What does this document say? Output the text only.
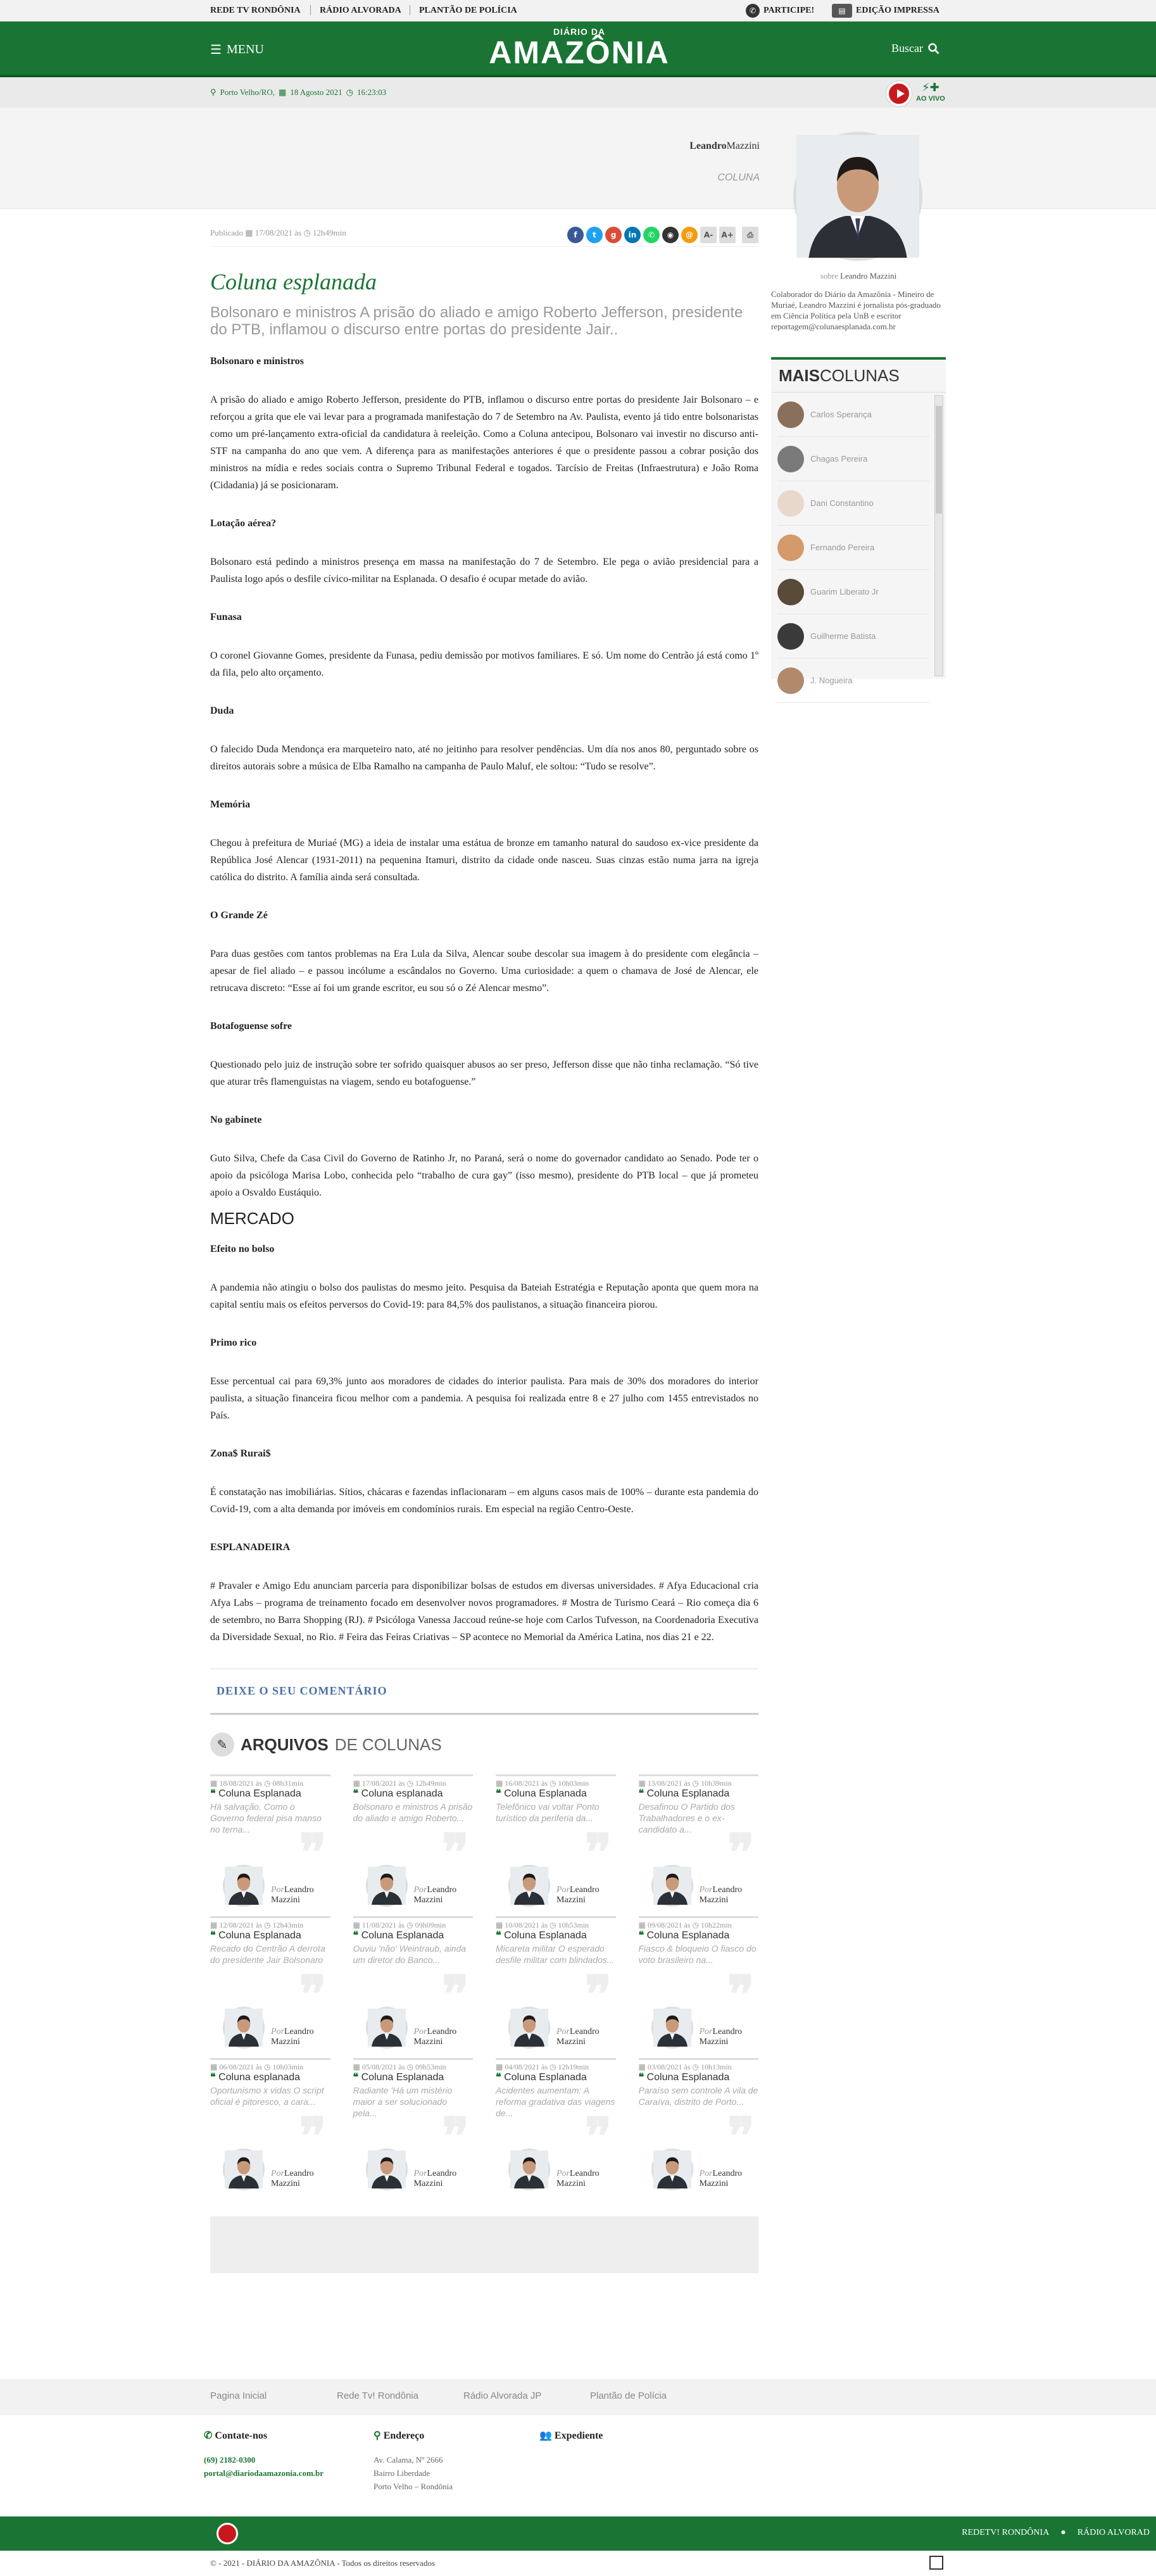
REDE TV RONDÔNIA RÁDIO ALVORADA PLANTÃO DE POLÍCIA	✆ PARTICIPE!	▤	EDIÇÃO IMPRESSA
☰ MENU
DIÁRIO DA
AMAZÔNIA	Buscar
⚲ Porto Velho/RO, ▦ 18 Agosto 2021 ◷ 16:23:03	⚡✚
AO VIVO
LeandroMazzini
COLUNA
Publicado ▦ 17/08/2021 às ◷ 12h49min	f	t	g	in	✆	◉	@	A-	A+	⎙
Coluna esplanada
Bolsonaro e ministros A prisão do aliado e amigo Roberto Jefferson, presidente do PTB, inflamou o discurso entre portas do presidente Jair..
Bolsonaro e ministros

A prisão do aliado e amigo Roberto Jefferson, presidente do PTB, inflamou o discurso entre portas do presidente Jair Bolsonaro – e reforçou a grita que ele vai levar para a programada manifestação do 7 de Setembro na Av. Paulista, evento já tido entre bolsonaristas como um pré-lançamento extra-oficial da candidatura à reeleição. Como a Coluna antecipou, Bolsonaro vai investir no discurso anti-STF na campanha do ano que vem. A diferença para as manifestações anteriores é que o presidente passou a cobrar posição dos ministros na mídia e redes sociais contra o Supremo Tribunal Federal e togados. Tarcísio de Freitas (Infraestrutura) e João Roma (Cidadania) já se posicionaram.

Lotação aérea?

Bolsonaro está pedindo a ministros presença em massa na manifestação do 7 de Setembro. Ele pega o avião presidencial para a Paulista logo após o desfile cívico-militar na Esplanada. O desafio é ocupar metade do avião.

Funasa

O coronel Giovanne Gomes, presidente da Funasa, pediu demissão por motivos familiares. E só. Um nome do Centrão já está como 1º da fila, pelo alto orçamento.

Duda

O falecido Duda Mendonça era marqueteiro nato, até no jeitinho para resolver pendências. Um dia nos anos 80, perguntado sobre os direitos autorais sobre a música de Elba Ramalho na campanha de Paulo Maluf, ele soltou: “Tudo se resolve”.

Memória

Chegou à prefeitura de Muriaé (MG) a ideia de instalar uma estátua de bronze em tamanho natural do saudoso ex-vice presidente da República José Alencar (1931-2011) na pequenina Itamuri, distrito da cidade onde nasceu. Suas cinzas estão numa jarra na igreja católica do distrito. A família ainda será consultada.

O Grande Zé

Para duas gestões com tantos problemas na Era Lula da Silva, Alencar soube descolar sua imagem à do presidente com elegância – apesar de fiel aliado – e passou incólume a escândalos no Governo. Uma curiosidade: a quem o chamava de José de Alencar, ele retrucava discreto: “Esse aí foi um grande escritor, eu sou só o Zé Alencar mesmo”.

Botafoguense sofre

Questionado pelo juiz de instrução sobre ter sofrido quaisquer abusos ao ser preso, Jefferson disse que não tinha reclamação. “Só tive que aturar três flamenguistas na viagem, sendo eu botafoguense.”

No gabinete

Guto Silva, Chefe da Casa Civil do Governo de Ratinho Jr, no Paraná, será o nome do governador candidato ao Senado. Pode ter o apoio da psicóloga Marisa Lobo, conhecida pelo “trabalho de cura gay” (isso mesmo), presidente do PTB local – que já prometeu apoio a Osvaldo Eustáquio.

MERCADO
Efeito no bolso

A pandemia não atingiu o bolso dos paulistas do mesmo jeito. Pesquisa da Bateiah Estratégia e Reputação aponta que quem mora na capital sentiu mais os efeitos perversos do Covid-19: para 84,5% dos paulistanos, a situação financeira piorou.

Primo rico

Esse percentual cai para 69,3% junto aos moradores de cidades do interior paulista. Para mais de 30% dos moradores do interior paulista, a situação financeira ficou melhor com a pandemia. A pesquisa foi realizada entre 8 e 27 julho com 1455 entrevistados no País.

Zona$ Rurai$

É constatação nas imobiliárias. Sítios, chácaras e fazendas inflacionaram – em alguns casos mais de 100% – durante esta pandemia do Covid-19, com a alta demanda por imóveis em condomínios rurais. Em especial na região Centro-Oeste.

ESPLANADEIRA

# Pravaler e Amigo Edu anunciam parceria para disponibilizar bolsas de estudos em diversas universidades. # Afya Educacional cria Afya Labs – programa de treinamento focado em desenvolver novos programadores. # Mostra de Turismo Ceará – Rio começa dia 6 de setembro, no Barra Shopping (RJ). # Psicóloga Vanessa Jaccoud reúne-se hoje com Carlos Tufvesson, na Coordenadoria Executiva da Diversidade Sexual, no Rio. # Feira das Feiras Criativas – SP acontece no Memorial da América Latina, nos dias 21 e 22.

DEIXE O SEU COMENTÁRIO
✎ ARQUIVOS DE COLUNAS
▦ 18/08/2021 às ◷ 08h31min
❝ Coluna Esplanada
Há salvação. Como o Governo federal pisa manso no terna... ❞
PorLeandro Mazzini
▦ 17/08/2021 às ◷ 12h49min
❝ Coluna esplanada
Bolsonaro e ministros A prisão do aliado e amigo Roberto...
❞
PorLeandro Mazzini
▦ 16/08/2021 às ◷ 10h03min
❝ Coluna Esplanada
Telefônico vai voltar Ponto turístico da periferia da...
❞
PorLeandro Mazzini
▦ 13/08/2021 às ◷ 10h39min
❝ Coluna Esplanada
Desafinou O Partido dos Trabalhadores e o ex-candidato a... ❞
PorLeandro Mazzini
▦ 12/08/2021 às ◷ 12h43min
❝ Coluna Esplanada
Recado do Centrão A derrota do presidente Jair Bolsonaro
❞
PorLeandro Mazzini
▦ 11/08/2021 às ◷ 09h09min
❝ Coluna Esplanada
Ouviu 'não' Weintraub, ainda um diretor do Banco...
❞
PorLeandro Mazzini
▦ 10/08/2021 às ◷ 10h53min
❝ Coluna Esplanada
Micareta militar O esperado desfile militar com blindados...
❞
PorLeandro Mazzini
▦ 09/08/2021 às ◷ 10h22min
❝ Coluna Esplanada
Fiasco & bloqueio O fiasco do voto brasileiro na...
❞
PorLeandro Mazzini
▦ 06/08/2021 às ◷ 10h03min
❝ Coluna esplanada
Oportunismo x vidas O script oficial é pitoresco, a cara...
❞
PorLeandro Mazzini
▦ 05/08/2021 às ◷ 09h53min
❝ Coluna Esplanada
Radiante 'Há um mistério maior a ser solucionado pela...	❞
PorLeandro Mazzini
▦ 04/08/2021 às ◷ 12h19min
❝ Coluna Esplanada
Acidentes aumentam: A reforma gradativa das viagens de...	❞
PorLeandro Mazzini
▦ 03/08/2021 às ◷ 10h13min
❝ Coluna Esplanada
Paraíso sem controle A vila de Caraíva, distrito de Porto...
❞
PorLeandro Mazzini
sobre Leandro Mazzini
Colaborador do Diário da Amazônia - Mineiro de Muriaé, Leandro Mazzini é jornalista pós-graduado em Ciência Política pela UnB e escritor reportagem@colunaesplanada.com.br
MAISCOLUNAS
Carlos Sperança
Chagas Pereira
Dani Constantino
Fernando Pereira
Guarim Liberato Jr
Guilherme Batista
J. Nogueira
Pagina Inicial	Rede Tv! Rondônia	Rádio Alvorada JP	Plantão de Polícia
✆ Contate-nos
(69) 2182-0300
portal@diariodaamazonia.com.br
⚲ Endereço
Av. Calama, Nº 2666
Bairro Liberdade
Porto Velho – Rondônia
👥 Expediente
REDETV! RONDÔNIA ● RÁDIO ALVORAD
© - 2021 - DIÁRIO DA AMAZÔNIA - Todos os direitos reservados
